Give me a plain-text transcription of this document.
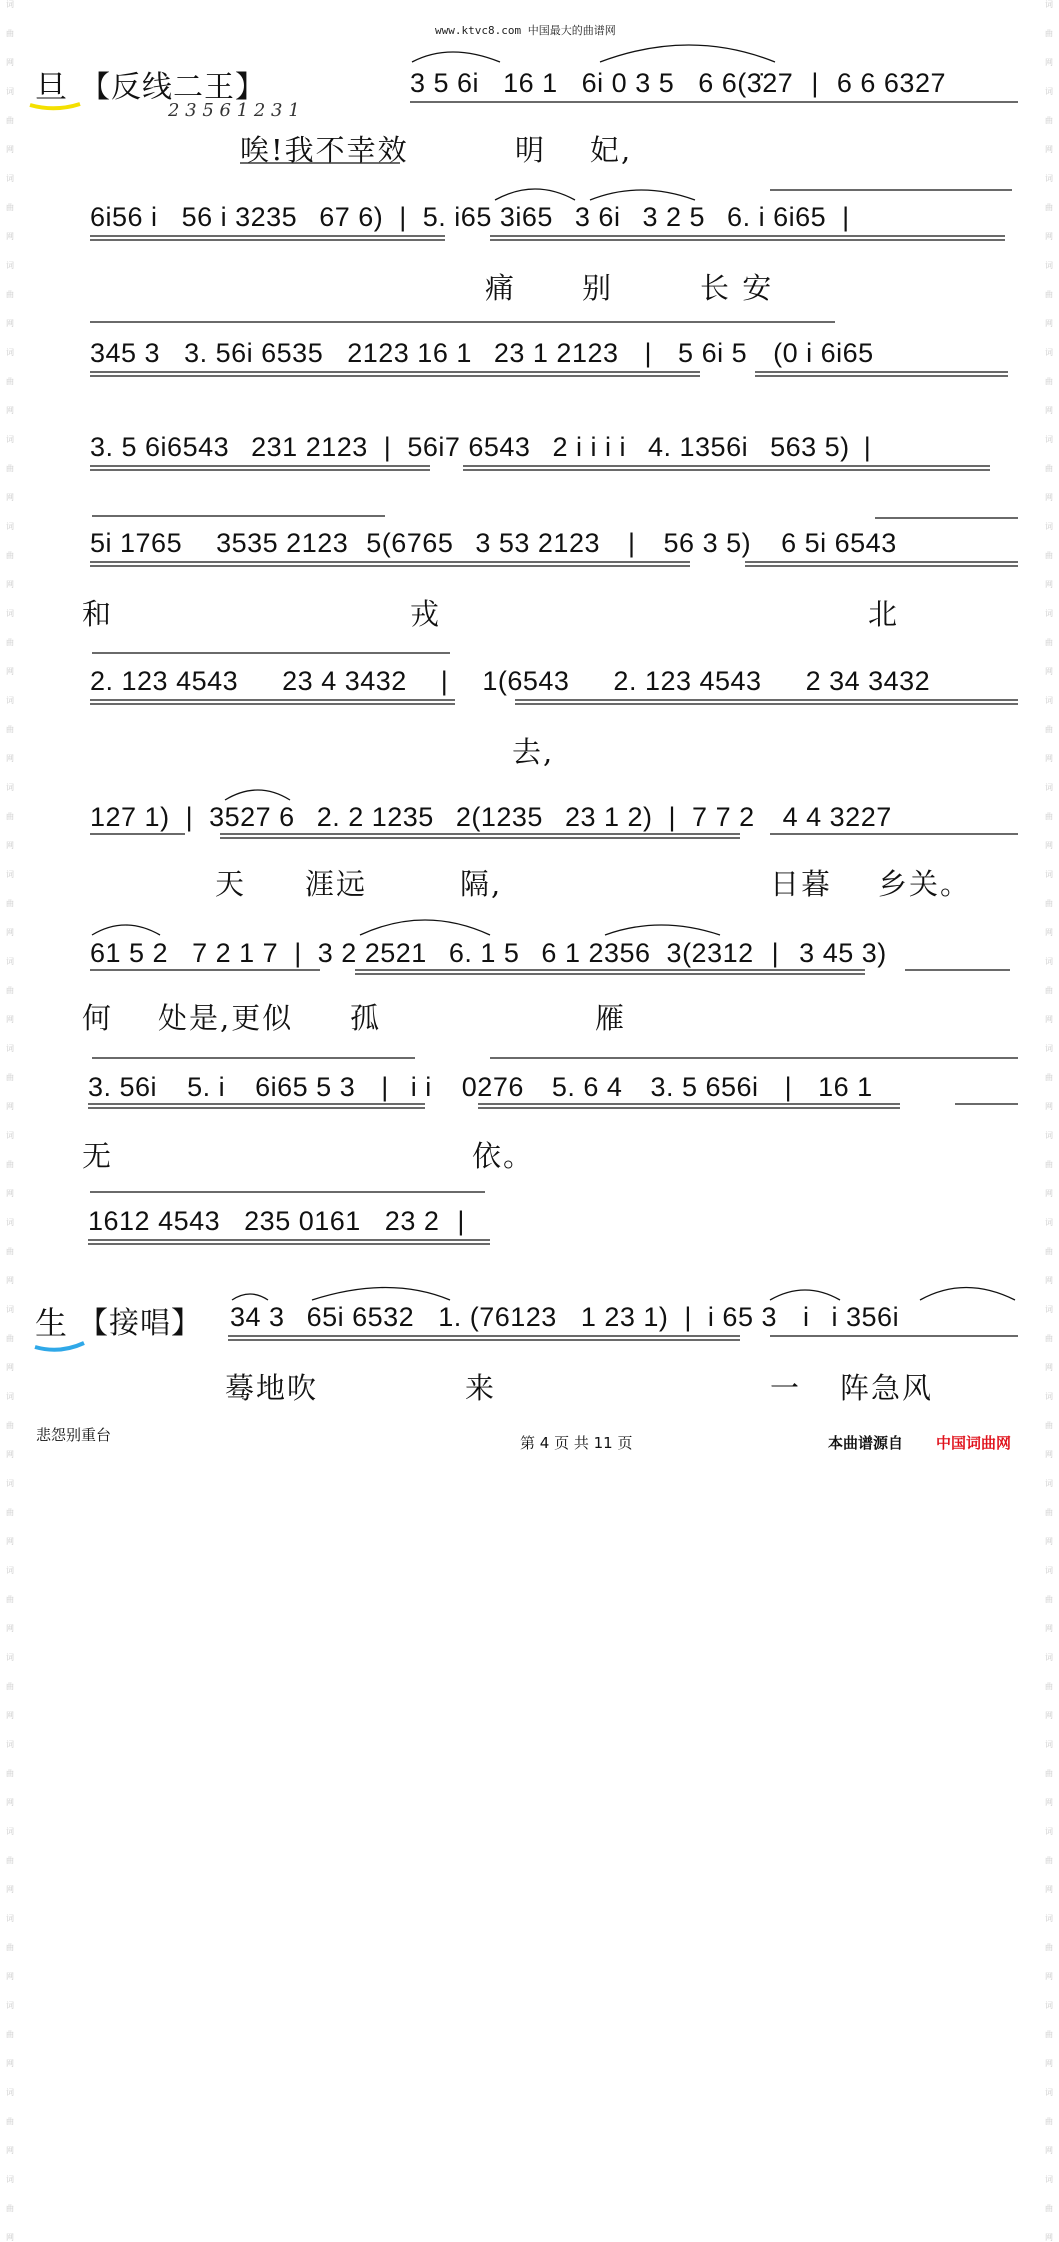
词
曲
网
词
曲
网
词
曲
网
词
曲
网
词
曲
网
词
曲
网
词
曲
网
词
曲
网
词
曲
网
词
曲
网
词
曲
网
词
曲
网
词
曲
网
词
曲
网
词
曲
网
词
曲
网
词
曲
网
词
曲
网
词
曲
网
词
曲
网
词
曲
网
词
曲
网
词
曲
网
词
曲
网
词
曲
网
词
曲
网
词
曲
网
词
曲
网
词
曲
网
词
曲
网
词
曲
网
词
曲
网
词
曲
网
词
曲
网
词
曲
网
词
曲
网
词
曲
网
词
曲
网
词
曲
网
词
曲
网
词
曲
网
词
曲
网
词
曲
网
词
曲
网
词
曲
网
词
曲
网
词
曲
网
词
曲
网
词
曲
网
词
曲
网
词
曲
网
词
曲
网
www.ktvc8.com 中国最大的曲谱网
旦 【反线二王】
2 3 5 6 1 2 3 1
3 5 6i 16 1 6i 0 3 5 6 6(3̇27 | 6 6 6327
唉!我不幸效	明 妃,
6i56 i 56 i 3235 67 6) | 5. i65 3i65 3 6i 3 2 5 6. i 6i65 |
痛 别	长 安
345 3 3. 56i 6535 2123 16 1 23 1 2123 | 5 6i 5 (0 i 6i65
3. 5 6i6543 231 2123 | 56i7 6543 2 i i i i 4. 1356i 563 5) |
5i 1765 3535 2123 5(6765 3 53 2123 | 56 3 5) 6 5i 6543
和	戎	北
2. 123 4543 23 4 3432 | 1(6543 2. 123 4543 2 34 3432
去,
127 1) | 3527 6 2. 2 1235 2(1235 23 1 2) | 7 7 2 4 4 3227
天 涯远	隔,	日暮 乡关。
61 5 2 7 2 1 7 | 3 2 2521 6. 1 5 6 1 2356 3(2312 | 3 45 3)
何 处是,更似 孤	雁
3. 56i 5. i 6i65 5 3 | i i 0276 5. 6 4 3. 5 656i | 16 1
无	依。
1612 4543 235 0161 23 2 |
生 【接唱】 34 3 65i 6532 1. (76123 1 23 1) | i 65 3 i i 356i
蓦地吹	来	一 阵急风
悲怨别重台	第 4 页 共 11 页	本曲谱源自 中国词曲网
